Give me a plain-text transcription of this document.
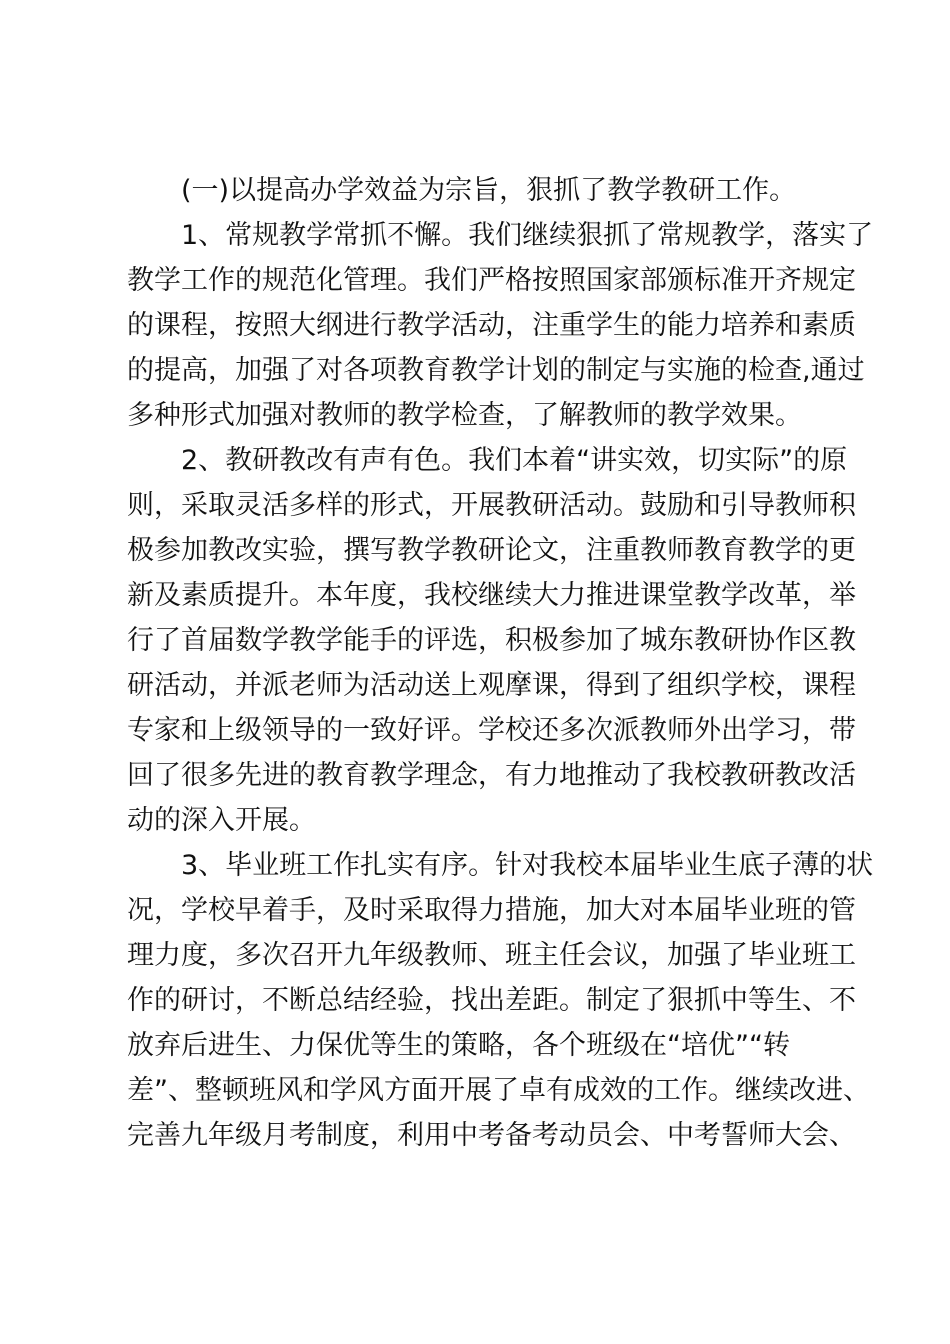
(一)以提高办学效益为宗旨，狠抓了教学教研工作。
1、常规教学常抓不懈。我们继续狠抓了常规教学，落实了
教学工作的规范化管理。我们严格按照国家部颁标准开齐规定
的课程，按照大纲进行教学活动，注重学生的能力培养和素质
的提高，加强了对各项教育教学计划的制定与实施的检查,通过
多种形式加强对教师的教学检查，了解教师的教学效果。
2、教研教改有声有色。我们本着“讲实效，切实际”的原
则，采取灵活多样的形式，开展教研活动。鼓励和引导教师积
极参加教改实验，撰写教学教研论文，注重教师教育教学的更
新及素质提升。本年度，我校继续大力推进课堂教学改革，举
行了首届数学教学能手的评选，积极参加了城东教研协作区教
研活动，并派老师为活动送上观摩课，得到了组织学校，课程
专家和上级领导的一致好评。学校还多次派教师外出学习，带
回了很多先进的教育教学理念，有力地推动了我校教研教改活
动的深入开展。
3、毕业班工作扎实有序。针对我校本届毕业生底子薄的状
况，学校早着手，及时采取得力措施，加大对本届毕业班的管
理力度，多次召开九年级教师、班主任会议，加强了毕业班工
作的研讨，不断总结经验，找出差距。制定了狠抓中等生、不
放弃后进生、力保优等生的策略，各个班级在“培优”“转
差”、整顿班风和学风方面开展了卓有成效的工作。继续改进、
完善九年级月考制度，利用中考备考动员会、中考誓师大会、
